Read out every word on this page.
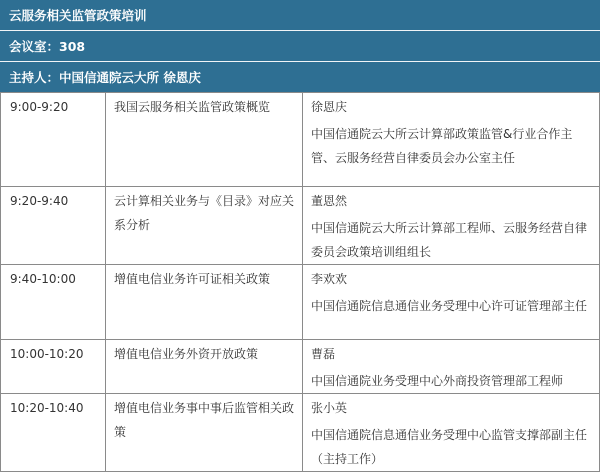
云服务相关监管政策培训
会议室：308
主持人：中国信通院云大所 徐恩庆
9:00-9:20	我国云服务相关监管政策概览	徐恩庆
中国信通院云大所云计算部政策监管&行业合作主管、云服务经营自律委员会办公室主任

9:20-9:40	云计算相关业务与《目录》对应关系分析	董恩然
中国信通院云大所云计算部工程师、云服务经营自律委员会政策培训组组长

9:40-10:00	增值电信业务许可证相关政策	李欢欢
中国信通院信息通信业务受理中心许可证管理部主任

10:00-10:20	增值电信业务外资开放政策	曹磊
中国信通院业务受理中心外商投资管理部工程师

10:20-10:40	增值电信业务事中事后监管相关政策	张小英
中国信通院信息通信业务受理中心监管支撑部副主任（主持工作）
